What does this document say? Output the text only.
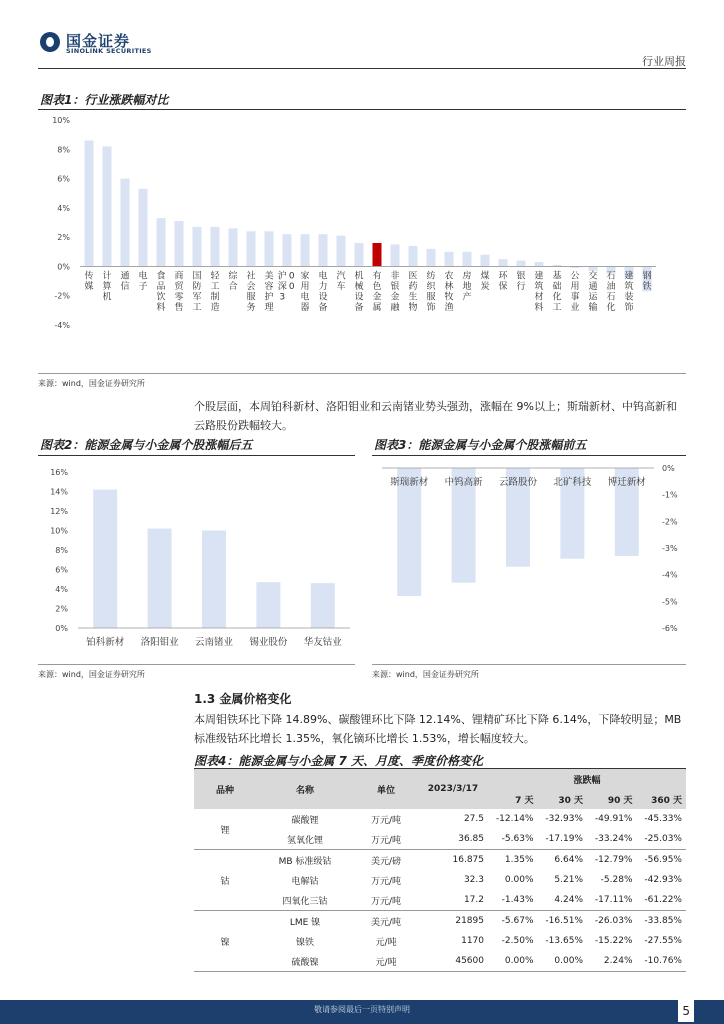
国金证券
SINOLINK SECURITIES
行业周报
图表1：行业涨跌幅对比
10%
8%
6%
4%
2%
0%
-2%
-4%
传媒
计算机
通信
电子
食品饮料
商贸零售
国防军工
轻工制造
综合
社会服务
美容护理
沪深 30 0
家用电器
电力设备
汽车
机械设备
有色金属
非银金融
医药生物
纺织服饰
农林牧渔
房地产
煤炭
环保
银行
建筑材料
基础化工
公用事业
交通运输
石油石化
建筑装饰
钢铁
来源：wind，国金证券研究所
个股层面，本周铂科新材、洛阳钼业和云南锗业势头强劲，涨幅在 9%以上；斯瑞新材、中钨高新和云路股份跌幅较大。
图表2：能源金属与小金属个股涨幅后五
16%
14%
12%
10%
8%
6%
4%
2%
0%
铂科新材 洛阳钼业 云南锗业 锡业股份 华友钴业
来源：wind，国金证券研究所
图表3：能源金属与小金属个股涨幅前五
0%
-1%
-2%
-3%
-4%
-5%
-6%
斯瑞新材 中钨高新 云路股份 北矿科技 博迁新材
来源：wind，国金证券研究所
1.3 金属价格变化
本周钼铁环比下降 14.89%、碳酸锂环比下降 12.14%、锂精矿环比下降 6.14%，下降较明显；MB 标准级钴环比增长 1.35%，氧化镝环比增长 1.53%，增长幅度较大。
图表4：能源金属与小金属 7 天、月度、季度价格变化
品种	名称	单位	2023/3/17	涨跌幅			
				7 天	30 天	90 天	360 天
锂	碳酸锂	万元/吨	27.5	-12.14%	-32.93%	-49.91%	-45.33%
	氢氧化锂	万元/吨	36.85	-5.63%	-17.19%	-33.24%	-25.03%
钴	MB 标准级钴	美元/磅	16.875	1.35%	6.64%	-12.79%	-56.95%
	电解钴	万元/吨	32.3	0.00%	5.21%	-5.28%	-42.93%
	四氧化三钴	万元/吨	17.2	-1.43%	4.24%	-17.11%	-61.22%
镍	LME 镍	美元/吨	21895	-5.67%	-16.51%	-26.03%	-33.85%
	镍铁	元/吨	1170	-2.50%	-13.65%	-15.22%	-27.55%
	硫酸镍	元/吨	45600	0.00%	0.00%	2.24%	-10.76%
敬请参阅最后一页特别声明	5
